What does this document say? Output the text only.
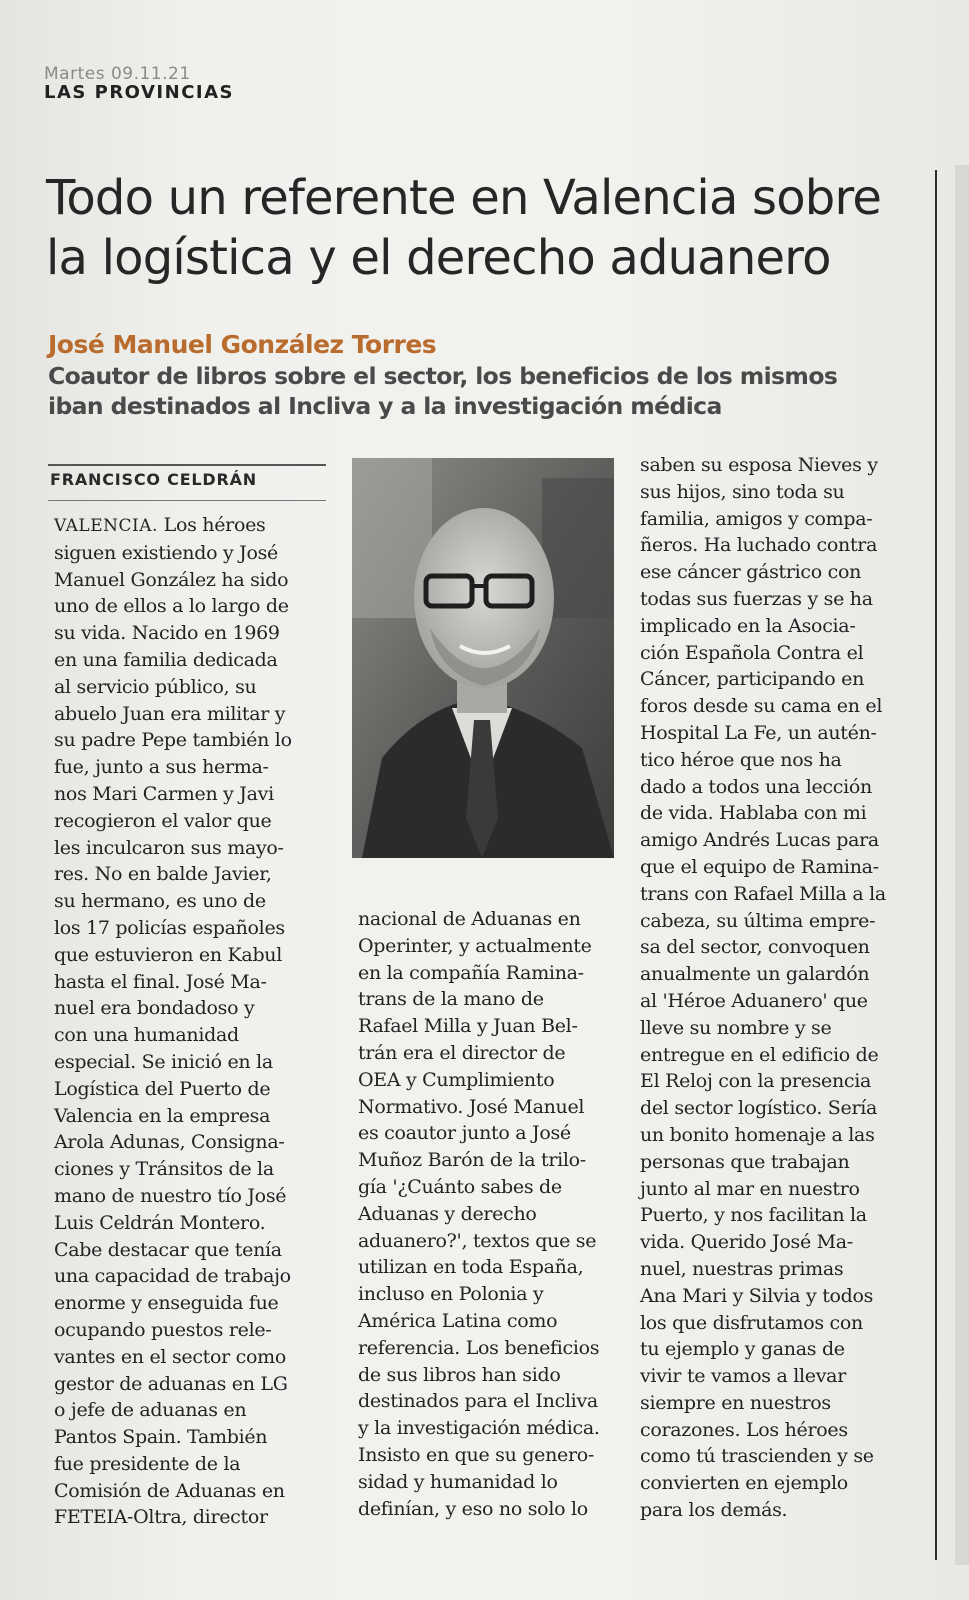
Martes 09.11.21
LAS PROVINCIAS
Todo un referente en Valencia sobre
la logística y el derecho aduanero
José Manuel González Torres
Coautor de libros sobre el sector, los beneficios de los mismos
iban destinados al Incliva y a la investigación médica
FRANCISCO CELDRÁN
VALENCIA. Los héroes
siguen existiendo y José
Manuel González ha sido
uno de ellos a lo largo de
su vida. Nacido en 1969
en una familia dedicada
al servicio público, su
abuelo Juan era militar y
su padre Pepe también lo
fue, junto a sus herma-
nos Mari Carmen y Javi
recogieron el valor que
les inculcaron sus mayo-
res. No en balde Javier,
su hermano, es uno de
los 17 policías españoles
que estuvieron en Kabul
hasta el final. José Ma-
nuel era bondadoso y
con una humanidad
especial. Se inició en la
Logística del Puerto de
Valencia en la empresa
Arola Adunas, Consigna-
ciones y Tránsitos de la
mano de nuestro tío José
Luis Celdrán Montero.
Cabe destacar que tenía
una capacidad de trabajo
enorme y enseguida fue
ocupando puestos rele-
vantes en el sector como
gestor de aduanas en LG
o jefe de aduanas en
Pantos Spain. También
fue presidente de la
Comisión de Aduanas en
FETEIA-Oltra, director
nacional de Aduanas en
Operinter, y actualmente
en la compañía Ramina-
trans de la mano de
Rafael Milla y Juan Bel-
trán era el director de
OEA y Cumplimiento
Normativo. José Manuel
es coautor junto a José
Muñoz Barón de la trilo-
gía '¿Cuánto sabes de
Aduanas y derecho
aduanero?', textos que se
utilizan en toda España,
incluso en Polonia y
América Latina como
referencia. Los beneficios
de sus libros han sido
destinados para el Incliva
y la investigación médica.
Insisto en que su genero-
sidad y humanidad lo
definían, y eso no solo lo
saben su esposa Nieves y
sus hijos, sino toda su
familia, amigos y compa-
ñeros. Ha luchado contra
ese cáncer gástrico con
todas sus fuerzas y se ha
implicado en la Asocia-
ción Española Contra el
Cáncer, participando en
foros desde su cama en el
Hospital La Fe, un autén-
tico héroe que nos ha
dado a todos una lección
de vida. Hablaba con mi
amigo Andrés Lucas para
que el equipo de Ramina-
trans con Rafael Milla a la
cabeza, su última empre-
sa del sector, convoquen
anualmente un galardón
al 'Héroe Aduanero' que
lleve su nombre y se
entregue en el edificio de
El Reloj con la presencia
del sector logístico. Sería
un bonito homenaje a las
personas que trabajan
junto al mar en nuestro
Puerto, y nos facilitan la
vida. Querido José Ma-
nuel, nuestras primas
Ana Mari y Silvia y todos
los que disfrutamos con
tu ejemplo y ganas de
vivir te vamos a llevar
siempre en nuestros
corazones. Los héroes
como tú trascienden y se
convierten en ejemplo
para los demás.
